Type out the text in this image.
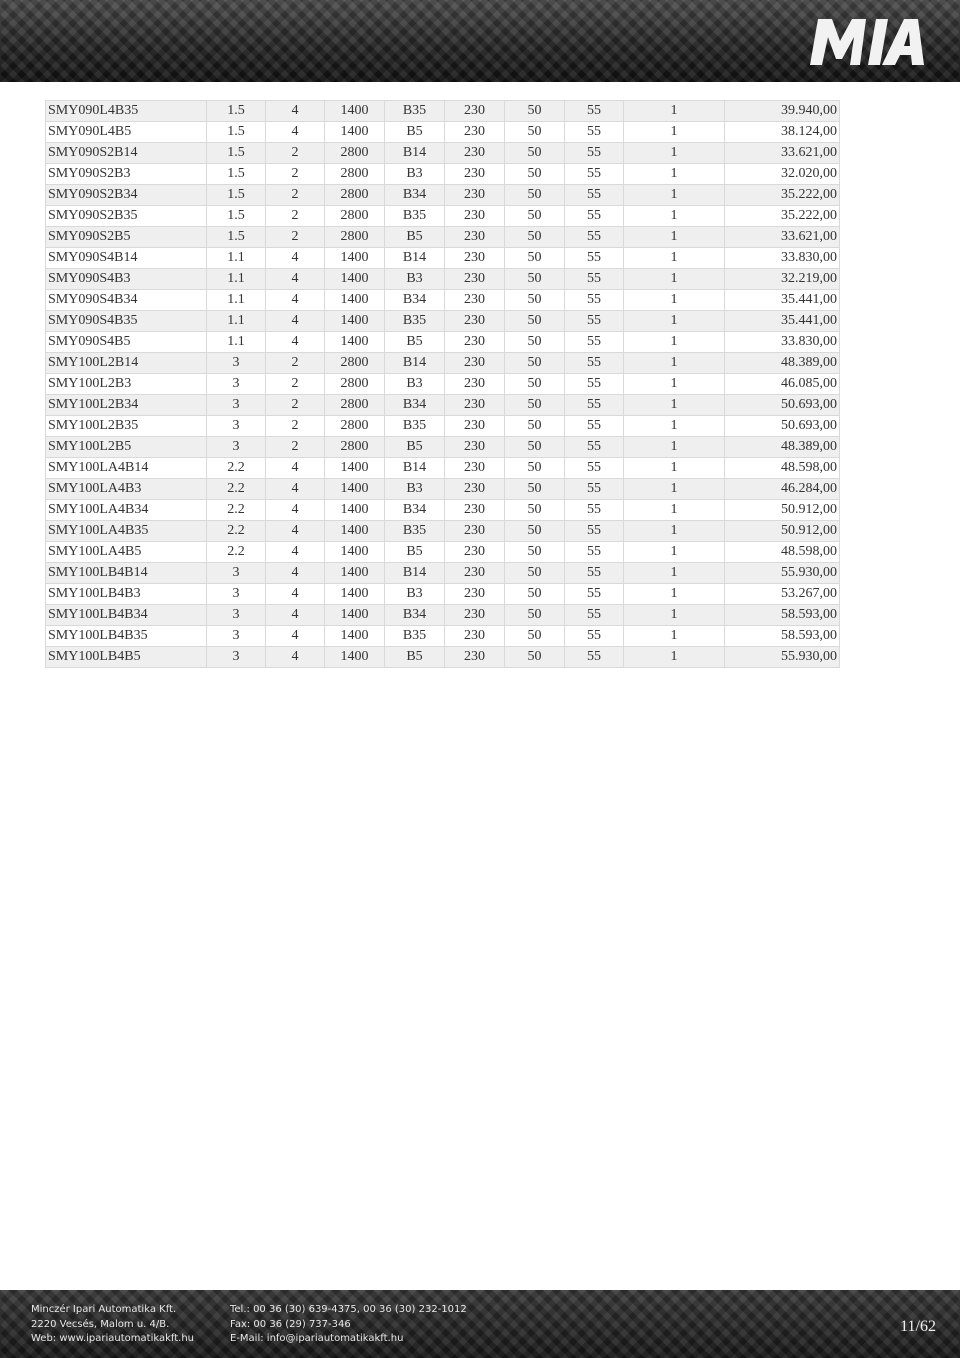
SMY090L4B35	1.5	4	1400	B35	230	50	55	1	39.940,00
SMY090L4B5	1.5	4	1400	B5	230	50	55	1	38.124,00
SMY090S2B14	1.5	2	2800	B14	230	50	55	1	33.621,00
SMY090S2B3	1.5	2	2800	B3	230	50	55	1	32.020,00
SMY090S2B34	1.5	2	2800	B34	230	50	55	1	35.222,00
SMY090S2B35	1.5	2	2800	B35	230	50	55	1	35.222,00
SMY090S2B5	1.5	2	2800	B5	230	50	55	1	33.621,00
SMY090S4B14	1.1	4	1400	B14	230	50	55	1	33.830,00
SMY090S4B3	1.1	4	1400	B3	230	50	55	1	32.219,00
SMY090S4B34	1.1	4	1400	B34	230	50	55	1	35.441,00
SMY090S4B35	1.1	4	1400	B35	230	50	55	1	35.441,00
SMY090S4B5	1.1	4	1400	B5	230	50	55	1	33.830,00
SMY100L2B14	3	2	2800	B14	230	50	55	1	48.389,00
SMY100L2B3	3	2	2800	B3	230	50	55	1	46.085,00
SMY100L2B34	3	2	2800	B34	230	50	55	1	50.693,00
SMY100L2B35	3	2	2800	B35	230	50	55	1	50.693,00
SMY100L2B5	3	2	2800	B5	230	50	55	1	48.389,00
SMY100LA4B14	2.2	4	1400	B14	230	50	55	1	48.598,00
SMY100LA4B3	2.2	4	1400	B3	230	50	55	1	46.284,00
SMY100LA4B34	2.2	4	1400	B34	230	50	55	1	50.912,00
SMY100LA4B35	2.2	4	1400	B35	230	50	55	1	50.912,00
SMY100LA4B5	2.2	4	1400	B5	230	50	55	1	48.598,00
SMY100LB4B14	3	4	1400	B14	230	50	55	1	55.930,00
SMY100LB4B3	3	4	1400	B3	230	50	55	1	53.267,00
SMY100LB4B34	3	4	1400	B34	230	50	55	1	58.593,00
SMY100LB4B35	3	4	1400	B35	230	50	55	1	58.593,00
SMY100LB4B5	3	4	1400	B5	230	50	55	1	55.930,00
Minczér Ipari Automatika Kft.
2220 Vecsés, Malom u. 4/B.
Web: www.ipariautomatikakft.hu
Tel.: 00 36 (30) 639-4375, 00 36 (30) 232-1012
Fax: 00 36 (29) 737-346
E-Mail: info@ipariautomatikakft.hu
11/62
